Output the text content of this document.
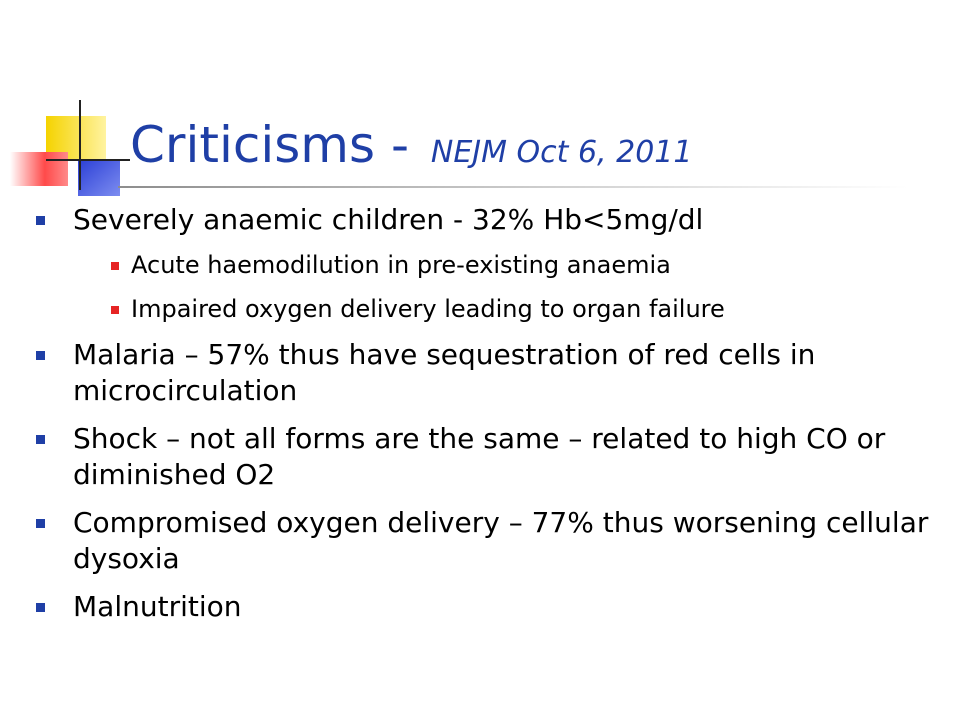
Criticisms - NEJM Oct 6, 2011
Severely anaemic children - 32% Hb<5mg/dl
Acute haemodilution in pre-existing anaemia
Impaired oxygen delivery leading to organ failure
Malaria – 57% thus have sequestration of red cells in microcirculation
Shock – not all forms are the same – related to high CO or diminished O2
Compromised oxygen delivery – 77% thus worsening cellular dysoxia
Malnutrition
